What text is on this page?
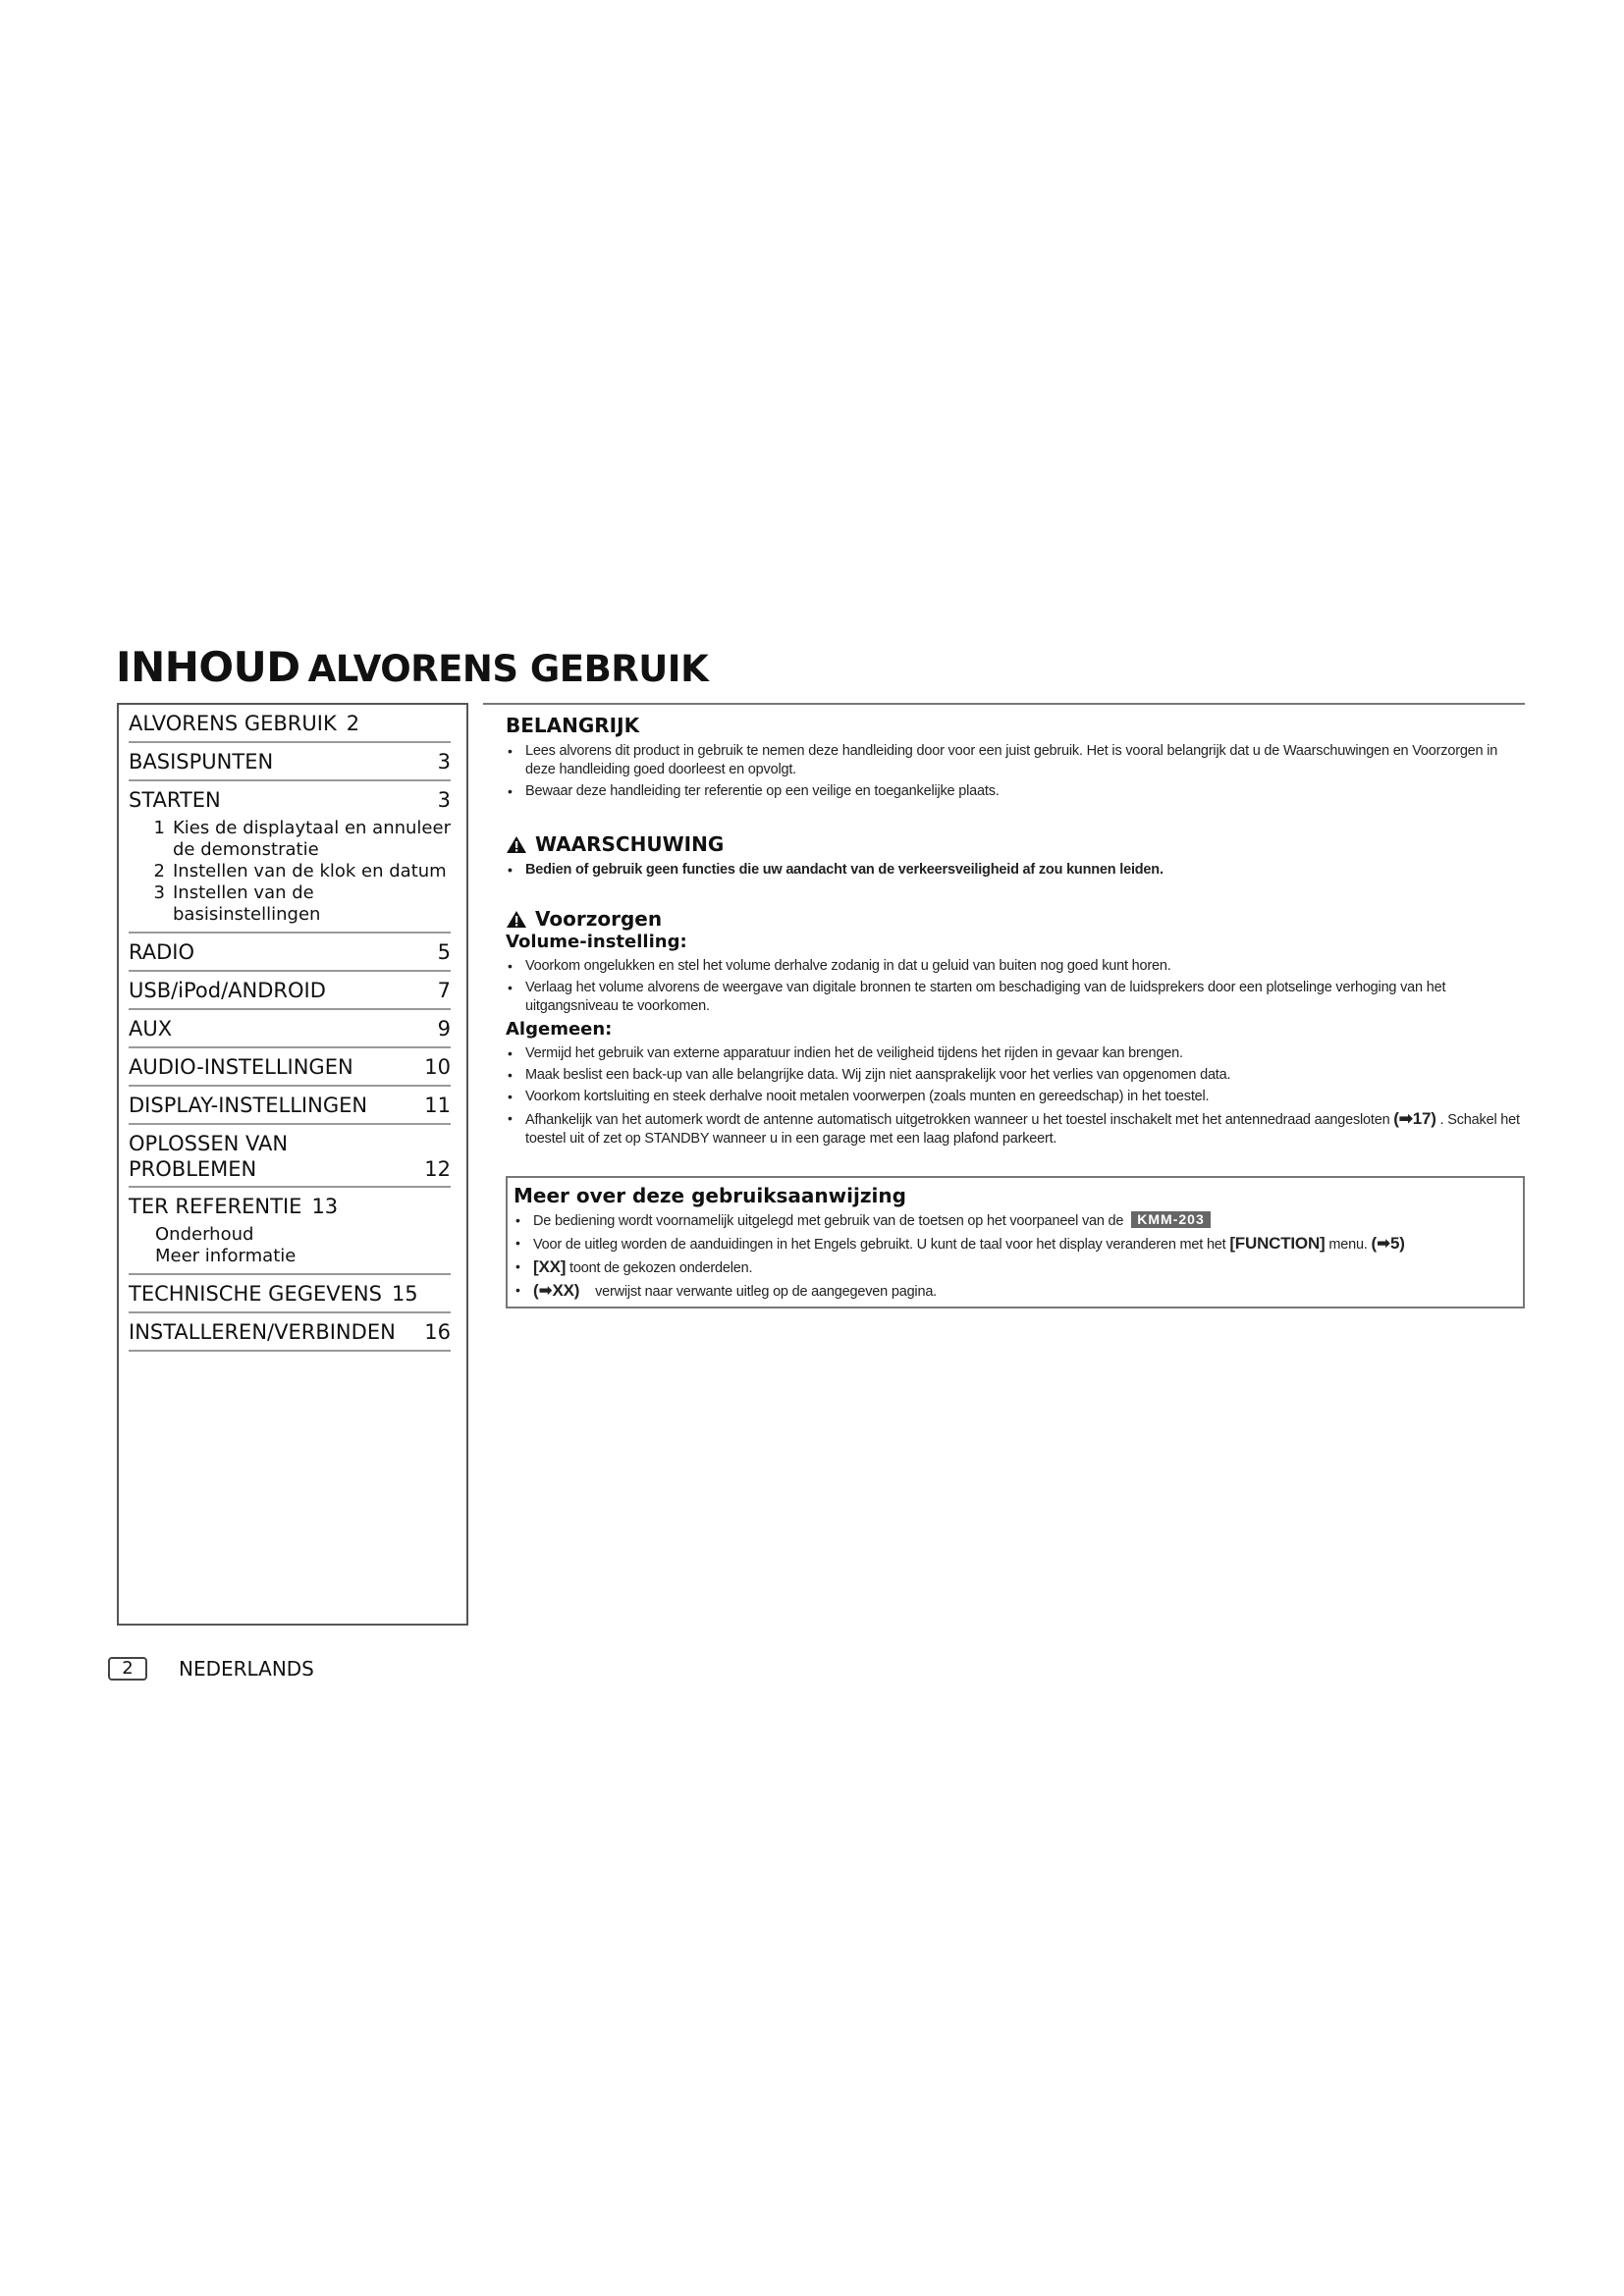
INHOUD ALVORENS GEBRUIK
ALVORENS GEBRUIK 2
BASISPUNTEN	3
STARTEN	3
1 Kies de displaytaal en annuleer de demonstratie
2 Instellen van de klok en datum
3 Instellen van de basisinstellingen
RADIO	5
USB/iPod/ANDROID	7
AUX	9
AUDIO-INSTELLINGEN	10
DISPLAY-INSTELLINGEN	11
OPLOSSEN VAN
PROBLEMEN	12
TER REFERENTIE 13
Onderhoud
Meer informatie
TECHNISCHE GEGEVENS 15
INSTALLEREN/VERBINDEN 16
BELANGRIJK
• Lees alvorens dit product in gebruik te nemen deze handleiding door voor een juist gebruik. Het is vooral belangrijk dat u de Waarschuwingen en Voorzorgen in deze handleiding goed doorleest en opvolgt.
• Bewaar deze handleiding ter referentie op een veilige en toegankelijke plaats.
WAARSCHUWING
• Bedien of gebruik geen functies die uw aandacht van de verkeersveiligheid af zou kunnen leiden.
Voorzorgen
Volume-instelling:
• Voorkom ongelukken en stel het volume derhalve zodanig in dat u geluid van buiten nog goed kunt horen.
• Verlaag het volume alvorens de weergave van digitale bronnen te starten om beschadiging van de luidsprekers door een plotselinge verhoging van het uitgangsniveau te voorkomen.
Algemeen:
• Vermijd het gebruik van externe apparatuur indien het de veiligheid tijdens het rijden in gevaar kan brengen.
• Maak beslist een back-up van alle belangrijke data. Wij zijn niet aansprakelijk voor het verlies van opgenomen data.
• Voorkom kortsluiting en steek derhalve nooit metalen voorwerpen (zoals munten en gereedschap) in het toestel.
• Afhankelijk van het automerk wordt de antenne automatisch uitgetrokken wanneer u het toestel inschakelt met het antennedraad aangesloten (➡17) . Schakel het toestel uit of zet op STANDBY wanneer u in een garage met een laag plafond parkeert.
Meer over deze gebruiksaanwijzing
• De bediening wordt voornamelijk uitgelegd met gebruik van de toetsen op het voorpaneel van de KMM-203
• Voor de uitleg worden de aanduidingen in het Engels gebruikt. U kunt de taal voor het display veranderen met het [FUNCTION] menu. (➡5)
• [XX] toont de gekozen onderdelen.
• (➡XX) verwijst naar verwante uitleg op de aangegeven pagina.
2	NEDERLANDS
